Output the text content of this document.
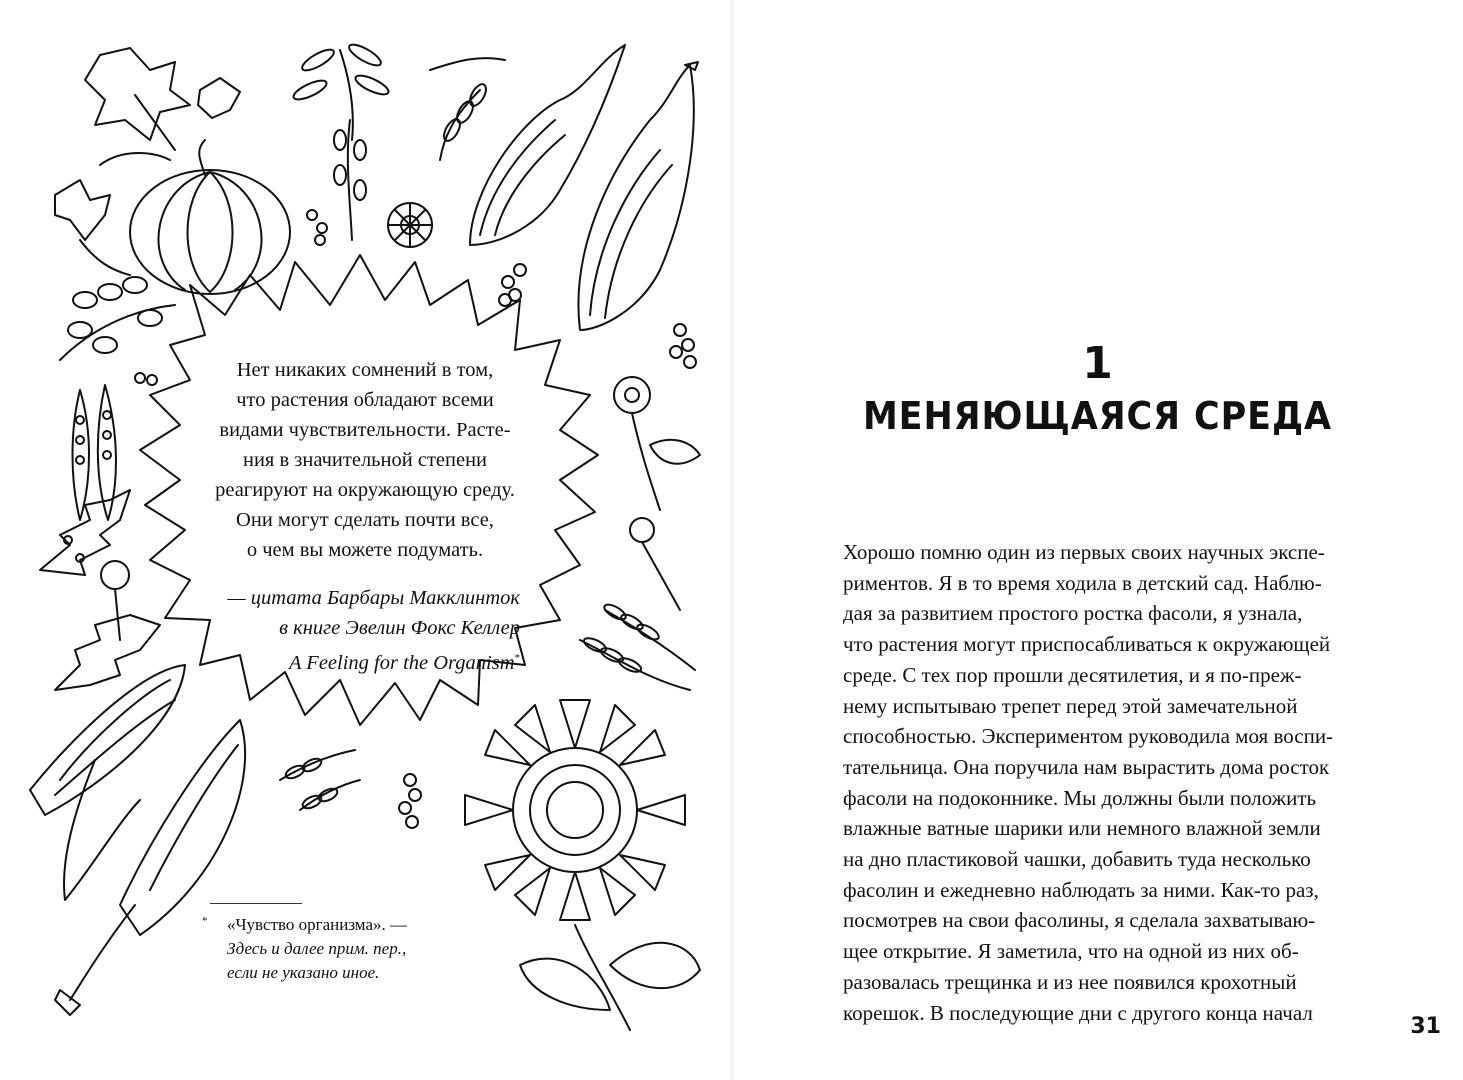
Нет никаких сомнений в том,
что растения обладают всеми
видами чувствительности. Расте-
ния в значительной степени
реагируют на окружающую среду.
Они могут сделать почти все,
о чем вы можете подумать.
— цитата Барбары Макклинток
в книге Эвелин Фокс Келлер
A Feeling for the Organism*
* «Чувство организма». —
Здесь и далее прим. пер.,
если не указано иное.
1
МЕНЯЮЩАЯСЯ СРЕДА
Хорошо помню один из первых своих научных экспе-
риментов. Я в то время ходила в детский сад. Наблю-
дая за развитием простого ростка фасоли, я узнала,
что растения могут приспосабливаться к окружающей
среде. С тех пор прошли десятилетия, и я по-преж-
нему испытываю трепет перед этой замечательной
способностью. Экспериментом руководила моя воспи-
тательница. Она поручила нам вырастить дома росток
фасоли на подоконнике. Мы должны были положить
влажные ватные шарики или немного влажной земли
на дно пластиковой чашки, добавить туда несколько
фасолин и ежедневно наблюдать за ними. Как-то раз,
посмотрев на свои фасолины, я сделала захватываю-
щее открытие. Я заметила, что на одной из них об-
разовалась трещинка и из нее появился крохотный
корешок. В последующие дни с другого конца начал
31
